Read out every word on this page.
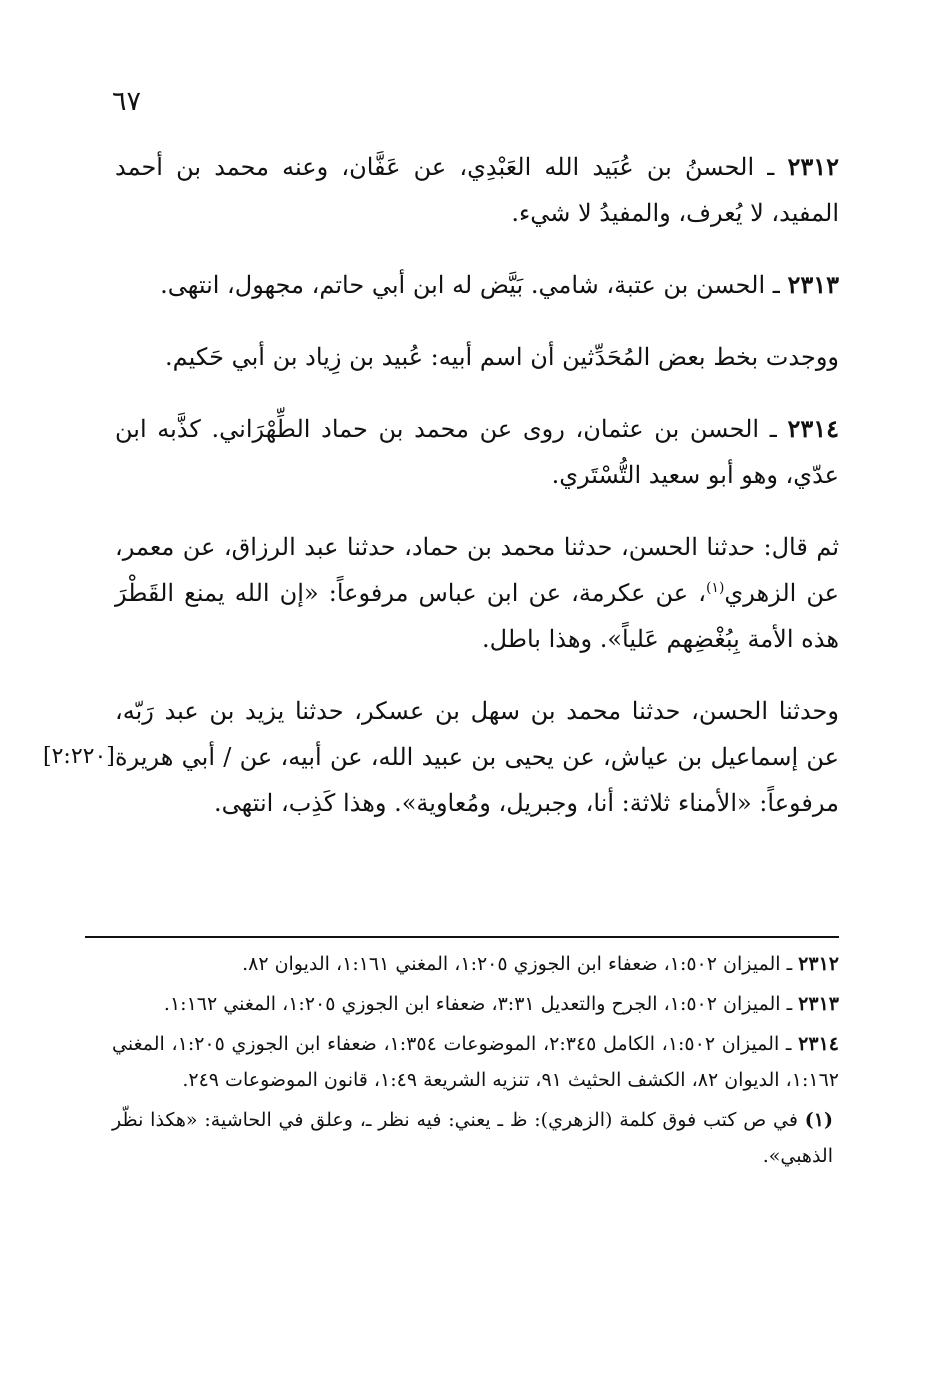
٦٧

٢٣١٢ ـ الحسنُ بن عُبَيد الله العَبْدِي، عن عَفَّان، وعنه محمد بن أحمد المفيد، لا يُعرف، والمفيدُ لا شيء.

٢٣١٣ ـ الحسن بن عتبة، شامي. بَيَّض له ابن أبي حاتم، مجهول، انتهى.

ووجدت بخط بعض المُحَدِّثين أن اسم أبيه: عُبيد بن زِياد بن أبي حَكيم.

٢٣١٤ ـ الحسن بن عثمان، روى عن محمد بن حماد الطِّهْرَاني. كذَّبه ابن عدّي، وهو أبو سعيد التُّسْتَري.

ثم قال: حدثنا الحسن، حدثنا محمد بن حماد، حدثنا عبد الرزاق، عن معمر، عن الزهري$^{(١)}$، عن عكرمة، عن ابن عباس مرفوعاً: «إن الله يمنع القَطْرَ هذه الأمة بِبُغْضِهم عَلياً». وهذا باطل.

وحدثنا الحسن، حدثنا محمد بن سهل بن عسكر، حدثنا يزيد بن عبد رَبّه، عن إسماعيل بن عياش، عن يحيى بن عبيد الله، عن أبيه، عن / أبي هريرة
[٢:٢٢٠]
مرفوعاً: «الأمناء ثلاثة: أنا، وجبريل، ومُعاوية». وهذا كَذِب، انتهى.

٢٣١٢ ـ الميزان ١:٥٠٢، ضعفاء ابن الجوزي ١:٢٠٥، المغني ١:١٦١، الديوان ٨٢.

٢٣١٣ ـ الميزان ١:٥٠٢، الجرح والتعديل ٣:٣١، ضعفاء ابن الجوزي ١:٢٠٥، المغني ١:١٦٢.

٢٣١٤ ـ الميزان ١:٥٠٢، الكامل ٢:٣٤٥، الموضوعات ١:٣٥٤، ضعفاء ابن الجوزي ١:٢٠٥، المغني ١:١٦٢، الديوان ٨٢، الكشف الحثيث ٩١، تنزيه الشريعة ١:٤٩، قانون الموضوعات ٢٤٩.

(١) في ص كتب فوق كلمة (الزهري): ظ ـ يعني: فيه نظر ـ، وعلق في الحاشية: «هكذا نظّر الذهبي».
